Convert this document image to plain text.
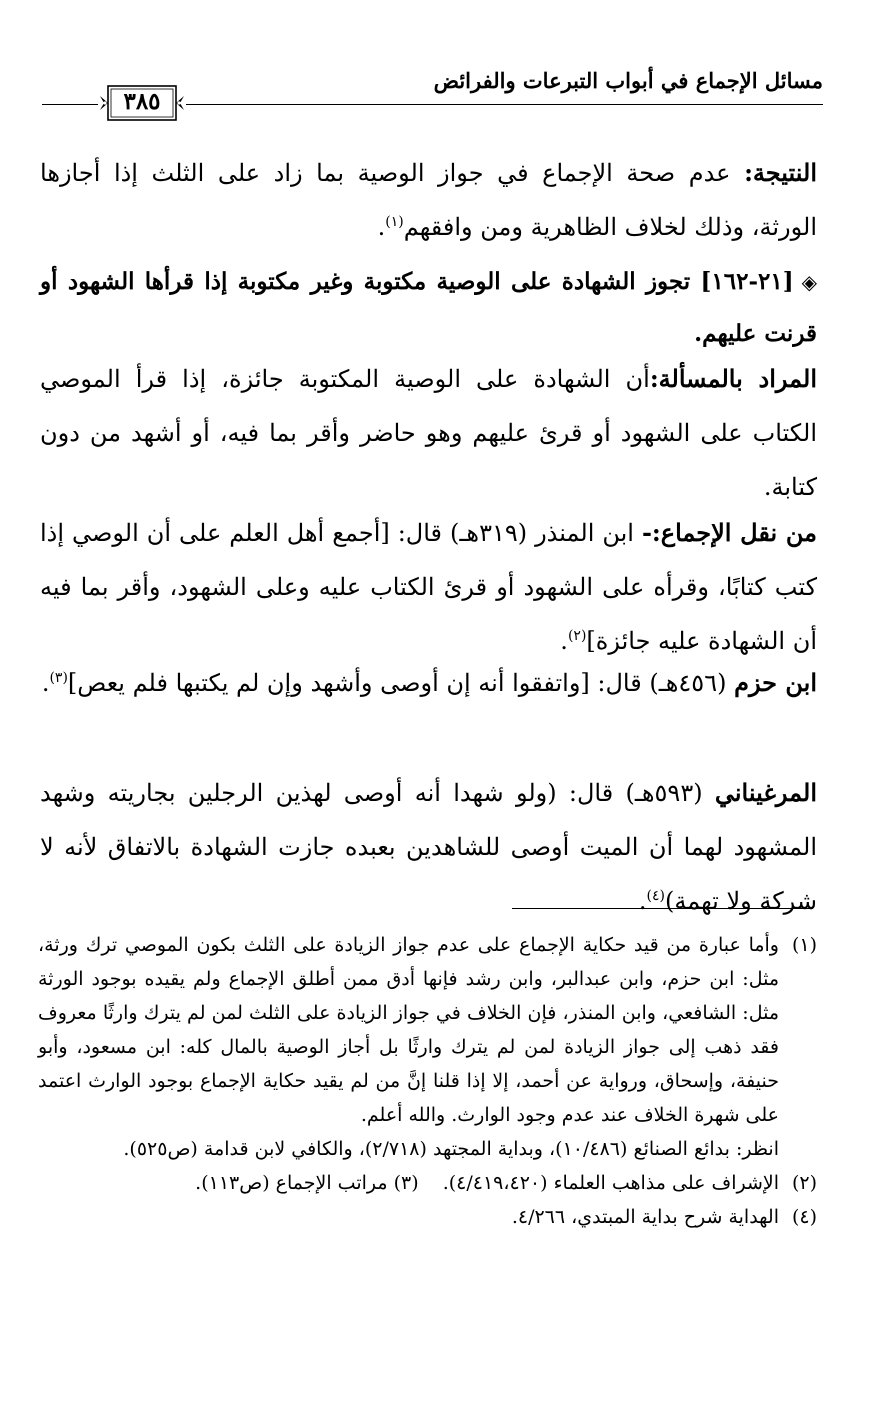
مسائل الإجماع في أبواب التبرعات والفرائض
٣٨٥
النتيجة: عدم صحة الإجماع في جواز الوصية بما زاد على الثلث إذا أجازها الورثة، وذلك لخلاف الظاهرية ومن وافقهم$^{(١)}$.
◈[٢١-١٦٢] تجوز الشهادة على الوصية مكتوبة وغير مكتوبة إذا قرأها الشهود أو قرنت عليهم.
المراد بالمسألة:أن الشهادة على الوصية المكتوبة جائزة، إذا قرأ الموصي الكتاب على الشهود أو قرئ عليهم وهو حاضر وأقر بما فيه، أو أشهد من دون كتابة.
من نقل الإجماع:- ابن المنذر (٣١٩هـ) قال: [أجمع أهل العلم على أن الوصي إذا كتب كتابًا، وقرأه على الشهود أو قرئ الكتاب عليه وعلى الشهود، وأقر بما فيه أن الشهادة عليه جائزة]$^{(٢)}$.
ابن حزم (٤٥٦هـ) قال: [واتفقوا أنه إن أوصى وأشهد وإن لم يكتبها فلم يعص]$^{(٣)}$.
المرغيناني (٥٩٣هـ) قال: (ولو شهدا أنه أوصى لهذين الرجلين بجاريته وشهد المشهود لهما أن الميت أوصى للشاهدين بعبده جازت الشهادة بالاتفاق لأنه لا شركة ولا تهمة)$^{(٤)}$.
(١)
وأما عبارة من قيد حكاية الإجماع على عدم جواز الزيادة على الثلث بكون الموصي ترك ورثة، مثل: ابن حزم، وابن عبدالبر، وابن رشد فإنها أدق ممن أطلق الإجماع ولم يقيده بوجود الورثة مثل: الشافعي، وابن المنذر، فإن الخلاف في جواز الزيادة على الثلث لمن لم يترك وارثًا معروف فقد ذهب إلى جواز الزيادة لمن لم يترك وارثًا بل أجاز الوصية بالمال كله: ابن مسعود، وأبو حنيفة، وإسحاق، ورواية عن أحمد، إلا إذا قلنا إنَّ من لم يقيد حكاية الإجماع بوجود الوارث اعتمد على شهرة الخلاف عند عدم وجود الوارث. والله أعلم.
انظر: بدائع الصنائع (١٠/٤٨٦)، وبداية المجتهد (٢/٧١٨)، والكافي لابن قدامة (ص٥٢٥).
(٢)
الإشراف على مذاهب العلماء (٤/٤١٩،٤٢٠).(٣) مراتب الإجماع (ص١١٣).
(٤)
الهداية شرح بداية المبتدي، ٤/٢٦٦.
